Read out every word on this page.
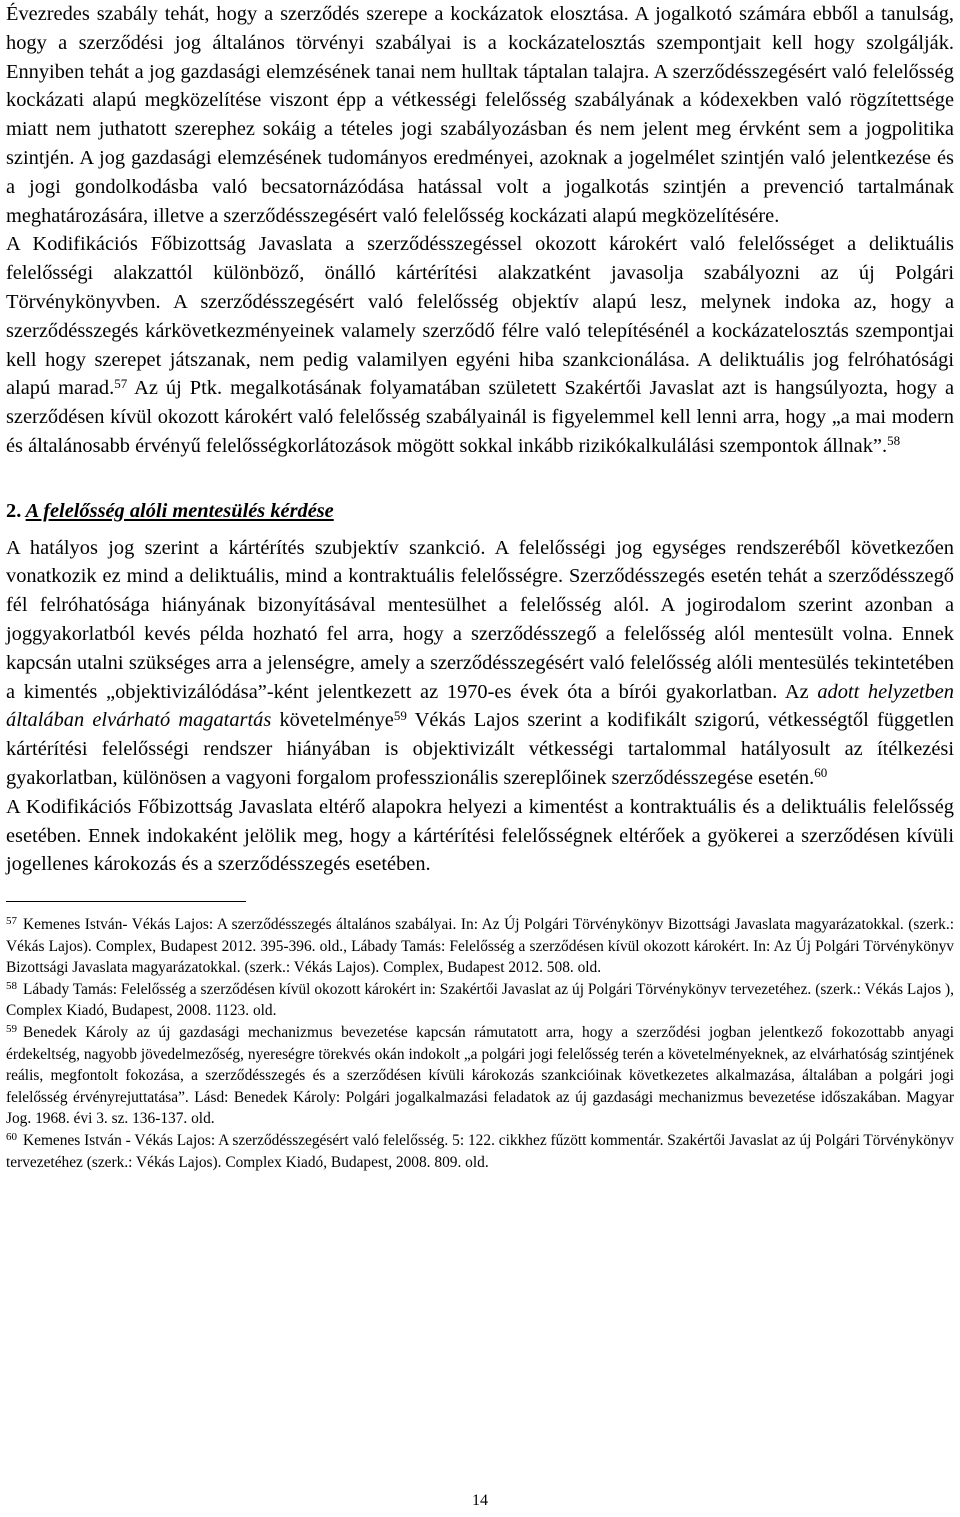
Évezredes szabály tehát, hogy a szerződés szerepe a kockázatok elosztása. A jogalkotó számára ebből a tanulság, hogy a szerződési jog általános törvényi szabályai is a kockázatelosztás szempontjait kell hogy szolgálják. Ennyiben tehát a jog gazdasági elemzésének tanai nem hulltak táptalan talajra. A szerződésszegésért való felelősség kockázati alapú megközelítése viszont épp a vétkességi felelősség szabályának a kódexekben való rögzítettsége miatt nem juthatott szerephez sokáig a tételes jogi szabályozásban és nem jelent meg érvként sem a jogpolitika szintjén. A jog gazdasági elemzésének tudományos eredményei, azoknak a jogelmélet szintjén való jelentkezése és a jogi gondolkodásba való becsatornázódása hatással volt a jogalkotás szintjén a prevenció tartalmának meghatározására, illetve a szerződésszegésért való felelősség kockázati alapú megközelítésére.

A Kodifikációs Főbizottság Javaslata a szerződésszegéssel okozott károkért való felelősséget a deliktuális felelősségi alakzattól különböző, önálló kártérítési alakzatként javasolja szabályozni az új Polgári Törvénykönyvben. A szerződésszegésért való felelősség objektív alapú lesz, melynek indoka az, hogy a szerződésszegés kárkövetkezményeinek valamely szerződő félre való telepítésénél a kockázatelosztás szempontjai kell hogy szerepet játszanak, nem pedig valamilyen egyéni hiba szankcionálása. A deliktuális jog felróhatósági alapú marad.$^{57}$ Az új Ptk. megalkotásának folyamatában született Szakértői Javaslat azt is hangsúlyozta, hogy a szerződésen kívül okozott károkért való felelősség szabályainál is figyelemmel kell lenni arra, hogy „a mai modern és általánosabb érvényű felelősségkorlátozások mögött sokkal inkább rizikókalkulálási szempontok állnak”.$^{58}$

2. A felelősség alóli mentesülés kérdése

A hatályos jog szerint a kártérítés szubjektív szankció. A felelősségi jog egységes rendszeréből következően vonatkozik ez mind a deliktuális, mind a kontraktuális felelősségre. Szerződésszegés esetén tehát a szerződésszegő fél felróhatósága hiányának bizonyításával mentesülhet a felelősség alól. A jogirodalom szerint azonban a joggyakorlatból kevés példa hozható fel arra, hogy a szerződésszegő a felelősség alól mentesült volna. Ennek kapcsán utalni szükséges arra a jelenségre, amely a szerződésszegésért való felelősség alóli mentesülés tekintetében a kimentés „objektivizálódása”-ként jelentkezett az 1970-es évek óta a bírói gyakorlatban. Az adott helyzetben általában elvárható magatartás követelménye$^{59}$ Vékás Lajos szerint a kodifikált szigorú, vétkességtől független kártérítési felelősségi rendszer hiányában is objektivizált vétkességi tartalommal hatályosult az ítélkezési gyakorlatban, különösen a vagyoni forgalom professzionális szereplőinek szerződésszegése esetén.$^{60}$

A Kodifikációs Főbizottság Javaslata eltérő alapokra helyezi a kimentést a kontraktuális és a deliktuális felelősség esetében. Ennek indokaként jelölik meg, hogy a kártérítési felelősségnek eltérőek a gyökerei a szerződésen kívüli jogellenes károkozás és a szerződésszegés esetében.

$^{57}$ Kemenes István- Vékás Lajos: A szerződésszegés általános szabályai. In: Az Új Polgári Törvénykönyv Bizottsági Javaslata magyarázatokkal. (szerk.: Vékás Lajos). Complex, Budapest 2012. 395-396. old., Lábady Tamás: Felelősség a szerződésen kívül okozott károkért. In: Az Új Polgári Törvénykönyv Bizottsági Javaslata magyarázatokkal. (szerk.: Vékás Lajos). Complex, Budapest 2012. 508. old.

$^{58}$ Lábady Tamás: Felelősség a szerződésen kívül okozott károkért in: Szakértői Javaslat az új Polgári Törvénykönyv tervezetéhez. (szerk.: Vékás Lajos ), Complex Kiadó, Budapest, 2008. 1123. old.

$^{59}$ Benedek Károly az új gazdasági mechanizmus bevezetése kapcsán rámutatott arra, hogy a szerződési jogban jelentkező fokozottabb anyagi érdekeltség, nagyobb jövedelmezőség, nyereségre törekvés okán indokolt „a polgári jogi felelősség terén a követelményeknek, az elvárhatóság szintjének reális, megfontolt fokozása, a szerződésszegés és a szerződésen kívüli károkozás szankcióinak következetes alkalmazása, általában a polgári jogi felelősség érvényrejuttatása”. Lásd: Benedek Károly: Polgári jogalkalmazási feladatok az új gazdasági mechanizmus bevezetése időszakában. Magyar Jog. 1968. évi 3. sz. 136-137. old.

$^{60}$ Kemenes István - Vékás Lajos: A szerződésszegésért való felelősség. 5: 122. cikkhez fűzött kommentár. Szakértői Javaslat az új Polgári Törvénykönyv tervezetéhez (szerk.: Vékás Lajos). Complex Kiadó, Budapest, 2008. 809. old.

14
